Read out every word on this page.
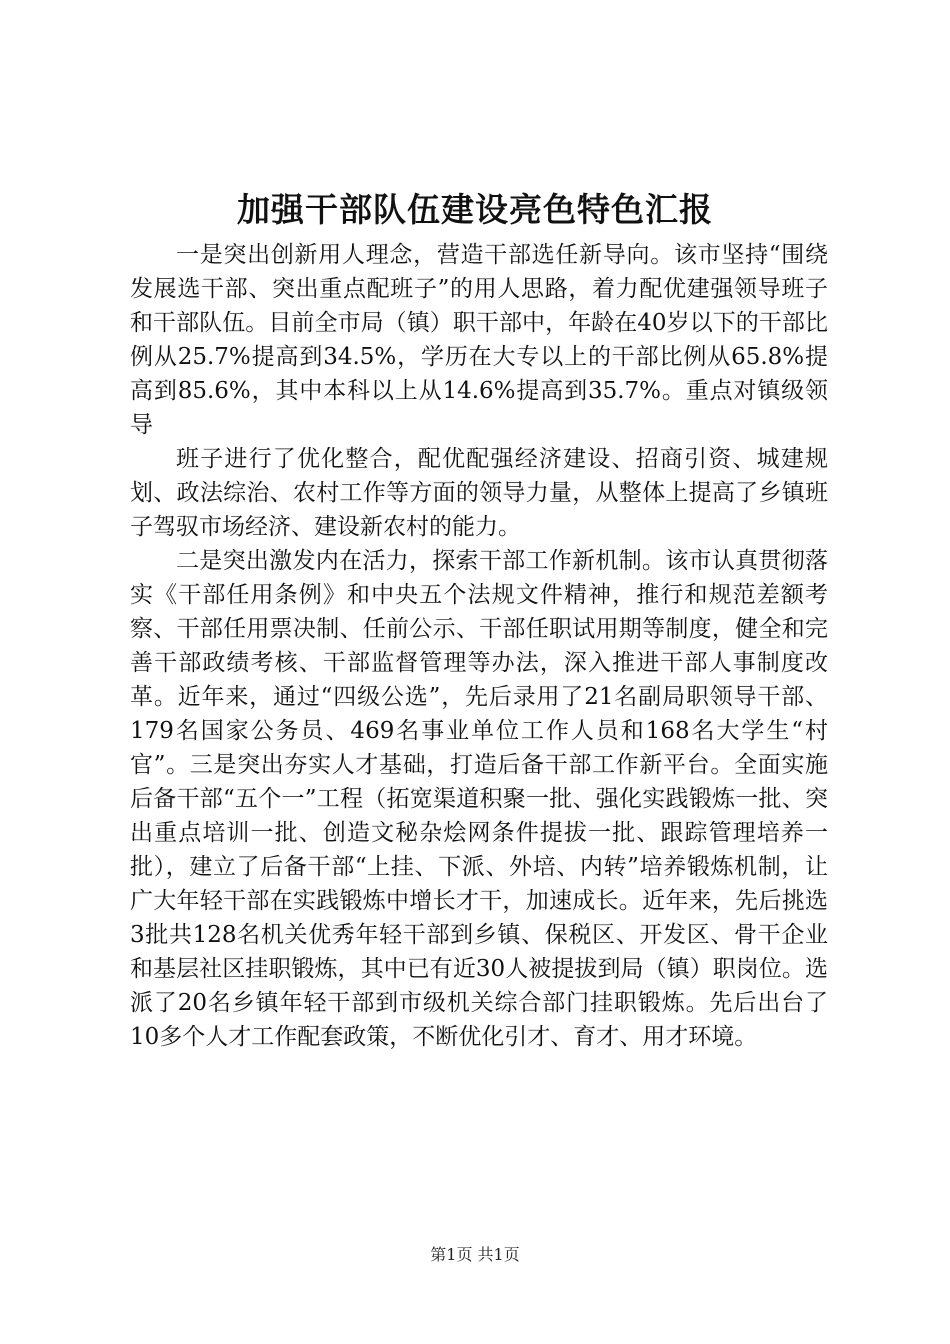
加强干部队伍建设亮色特色汇报

一是突出创新用人理念，营造干部选任新导向。该市坚持“围绕发展选干部、突出重点配班子”的用人思路，着力配优建强领导班子和干部队伍。目前全市局（镇）职干部中，年龄在40岁以下的干部比例从25.7%提高到34.5%，学历在大专以上的干部比例从65.8%提高到85.6%，其中本科以上从14.6%提高到35.7%。重点对镇级领导

班子进行了优化整合，配优配强经济建设、招商引资、城建规划、政法综治、农村工作等方面的领导力量，从整体上提高了乡镇班子驾驭市场经济、建设新农村的能力。

二是突出激发内在活力，探索干部工作新机制。该市认真贯彻落实《干部任用条例》和中央五个法规文件精神，推行和规范差额考察、干部任用票决制、任前公示、干部任职试用期等制度，健全和完善干部政绩考核、干部监督管理等办法，深入推进干部人事制度改革。近年来，通过“四级公选”，先后录用了21名副局职领导干部、179名国家公务员、469名事业单位工作人员和168名大学生“村官”。三是突出夯实人才基础，打造后备干部工作新平台。全面实施后备干部“五个一”工程（拓宽渠道积聚一批、强化实践锻炼一批、突出重点培训一批、创造文秘杂烩网条件提拔一批、跟踪管理培养一批），建立了后备干部“上挂、下派、外培、内转”培养锻炼机制，让广大年轻干部在实践锻炼中增长才干，加速成长。近年来，先后挑选3批共128名机关优秀年轻干部到乡镇、保税区、开发区、骨干企业和基层社区挂职锻炼，其中已有近30人被提拔到局（镇）职岗位。选派了20名乡镇年轻干部到市级机关综合部门挂职锻炼。先后出台了10多个人才工作配套政策，不断优化引才、育才、用才环境。

第1页 共1页
